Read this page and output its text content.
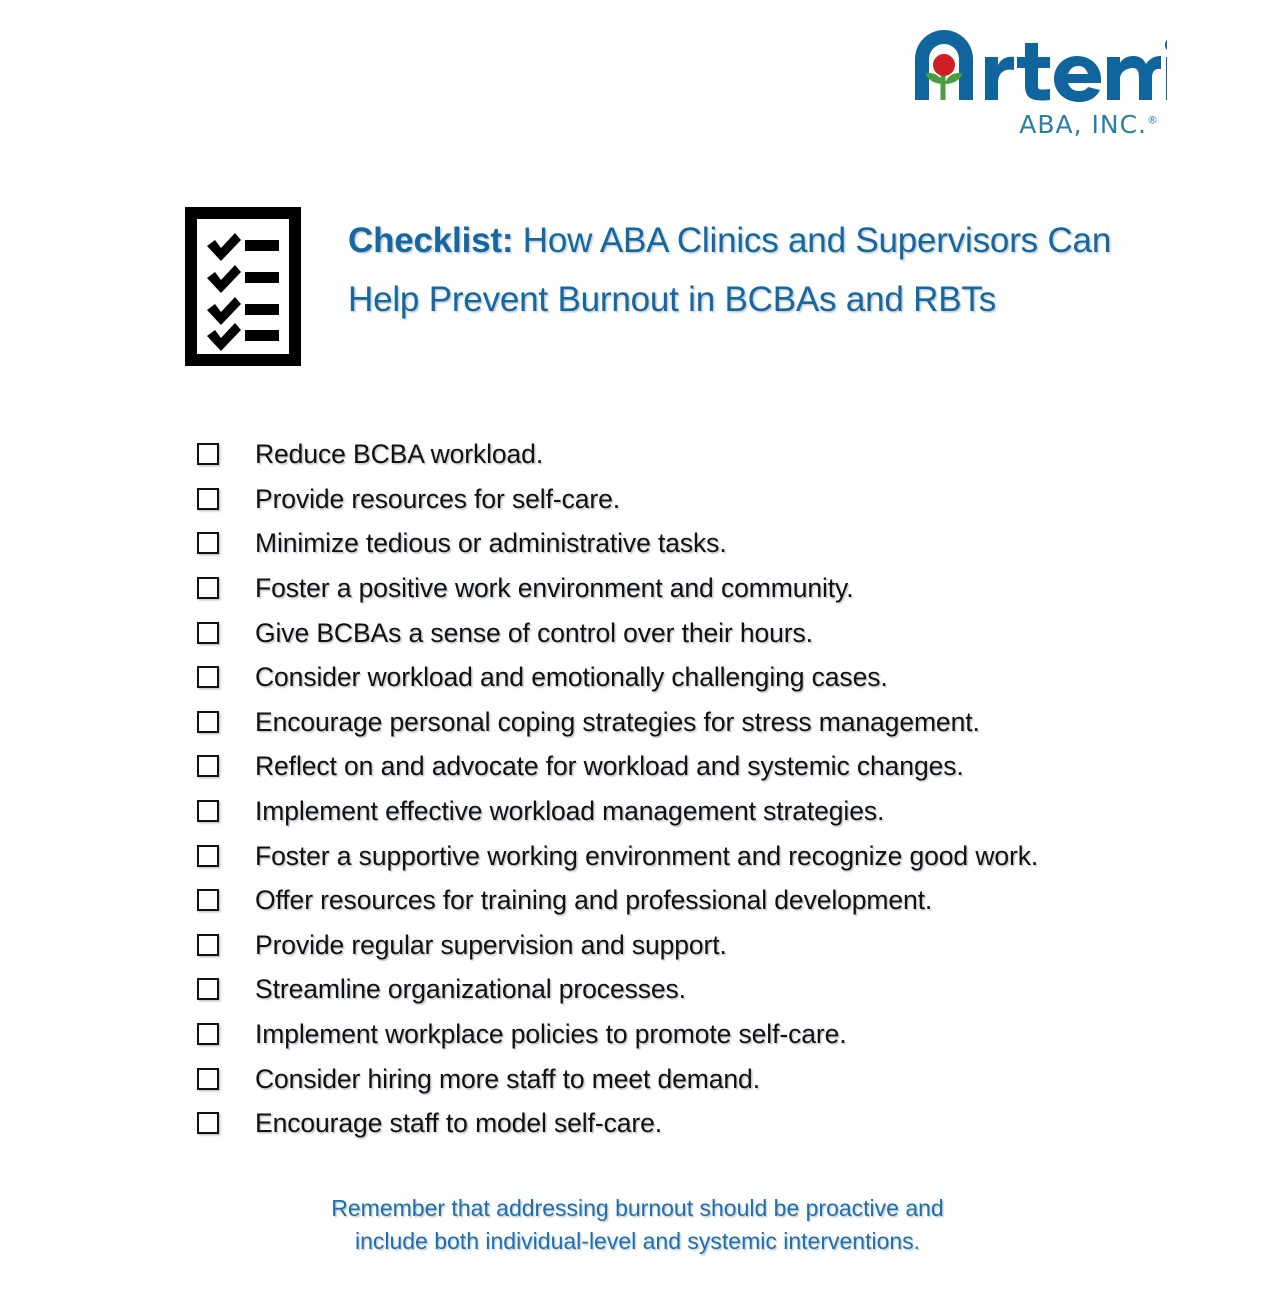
ABA, INC.®
Checklist: How ABA Clinics and Supervisors Can Help Prevent Burnout in BCBAs and RBTs
Reduce BCBA workload.
Provide resources for self-care.
Minimize tedious or administrative tasks.
Foster a positive work environment and community.
Give BCBAs a sense of control over their hours.
Consider workload and emotionally challenging cases.
Encourage personal coping strategies for stress management.
Reflect on and advocate for workload and systemic changes.
Implement effective workload management strategies.
Foster a supportive working environment and recognize good work.
Offer resources for training and professional development.
Provide regular supervision and support.
Streamline organizational processes.
Implement workplace policies to promote self-care.
Consider hiring more staff to meet demand.
Encourage staff to model self-care.
Remember that addressing burnout should be proactive and
include both individual-level and systemic interventions.
